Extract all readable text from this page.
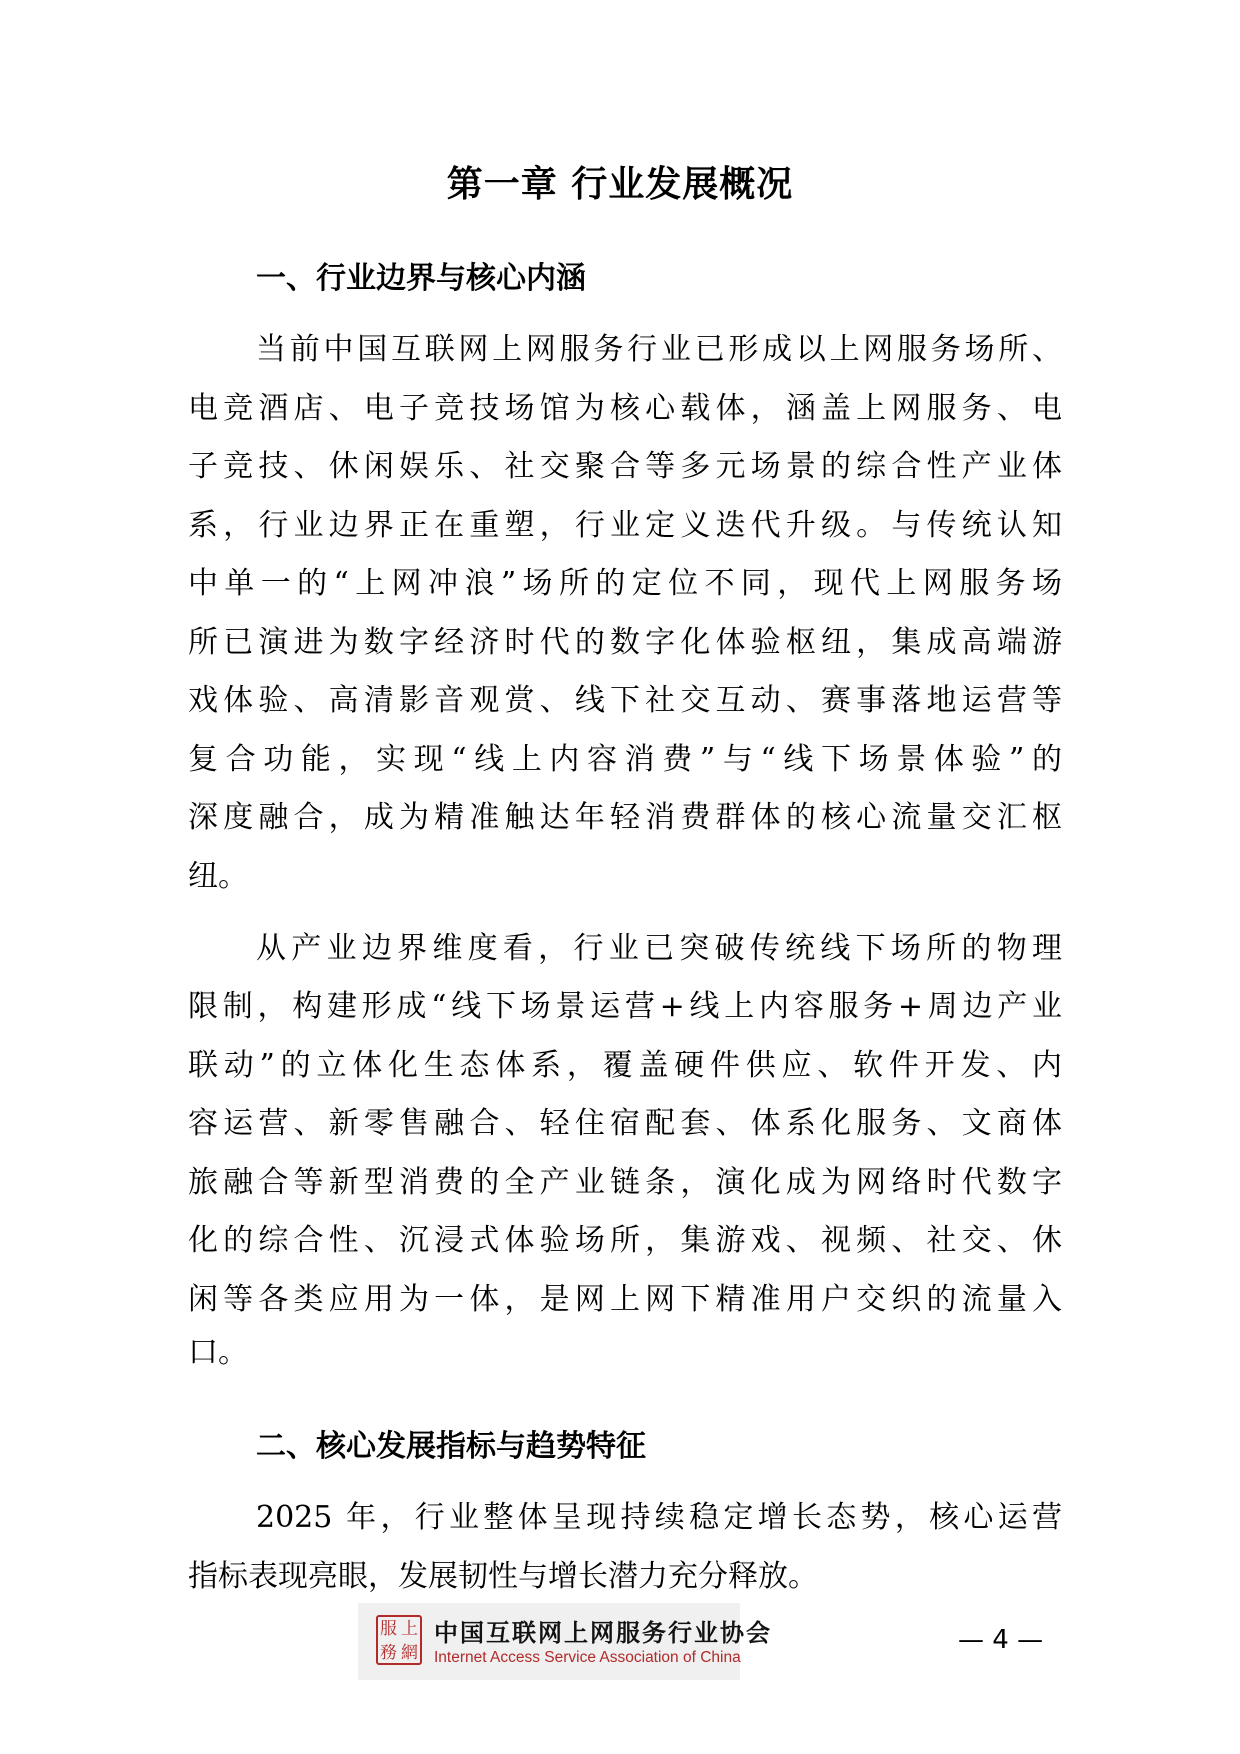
第一章 行业发展概况
一、行业边界与核心内涵
当前中国互联网上网服务行业已形成以上网服务场所、
电竞酒店、电子竞技场馆为核心载体，涵盖上网服务、电
子竞技、休闲娱乐、社交聚合等多元场景的综合性产业体
系，行业边界正在重塑，行业定义迭代升级。与传统认知
中单一的“上网冲浪”场所的定位不同，现代上网服务场
所已演进为数字经济时代的数字化体验枢纽，集成高端游
戏体验、高清影音观赏、线下社交互动、赛事落地运营等
复合功能，实现“线上内容消费”与“线下场景体验”的
深度融合，成为精准触达年轻消费群体的核心流量交汇枢
纽。
从产业边界维度看，行业已突破传统线下场所的物理
限制，构建形成“线下场景运营+线上内容服务+周边产业
联动”的立体化生态体系，覆盖硬件供应、软件开发、内
容运营、新零售融合、轻住宿配套、体系化服务、文商体
旅融合等新型消费的全产业链条，演化成为网络时代数字
化的综合性、沉浸式体验场所，集游戏、视频、社交、休
闲等各类应用为一体，是网上网下精准用户交织的流量入
口。
二、核心发展指标与趋势特征
2025 年，行业整体呈现持续稳定增长态势，核心运营
指标表现亮眼，发展韧性与增长潜力充分释放。
服 上
務 網
中国互联网上网服务行业协会
Internet Access Service Association of China
— 4 —
